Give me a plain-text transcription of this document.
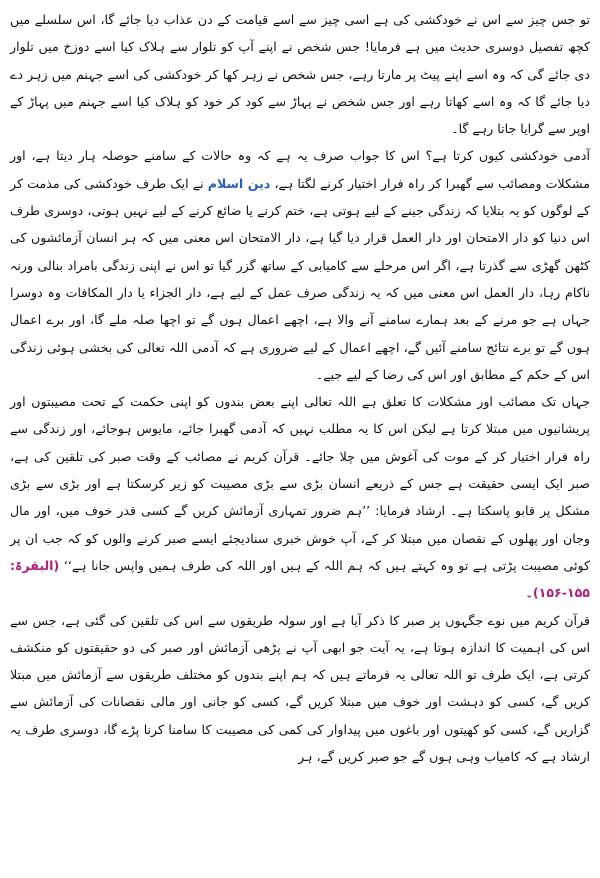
تو جس چیز سے اس نے خودکشی کی ہے اسی چیز سے اسے قیامت کے دن عذاب دیا جائے گا، اس سلسلے میں کچھ تفصیل دوسری حدیث میں ہے فرمایا! جس شخص نے اپنے آپ کو تلوار سے ہلاک کیا اسے دوزخ میں تلوار دی جائے گی کہ وہ اسے اپنے پیٹ پر مارتا رہے، جس شخص نے زہر کھا کر خودکشی کی اسے جہنم میں زہر دے دیا جائے گا کہ وہ اسے کھاتا رہے اور جس شخص نے پہاڑ سے کود کر خود کو ہلاک کیا اسے جہنم میں پہاڑ کے اوپر سے گرایا جاتا رہے گا۔

آدمی خودکشی کیوں کرتا ہے؟ اس کا جواب صرف یہ ہے کہ وہ حالات کے سامنے حوصلہ ہار دیتا ہے، اور مشکلات ومصائب سے گھبرا کر راہ فرار اختیار کرنے لگتا ہے، دین اسلام نے ایک طرف خودکشی کی مذمت کر کے لوگوں کو یہ بتلایا کہ زندگی جینے کے لیے ہوتی ہے، ختم کرنے یا ضائع کرنے کے لیے نہیں ہوتی، دوسری طرف اس دنیا کو دار الامتحان اور دار العمل قرار دیا گیا ہے، دار الامتحان اس معنی میں کہ ہر انسان آزمائشوں کی کٹھن گھڑی سے گذرتا ہے، اگر اس مرحلے سے کامیابی کے ساتھ گزر گیا تو اس نے اپنی زندگی بامراد بنالی ورنہ ناکام رہا، دار العمل اس معنی میں کہ یہ زندگی صرف عمل کے لیے ہے، دار الجزاء یا دار المکافات وہ دوسرا جہاں ہے جو مرنے کے بعد ہمارے سامنے آنے والا ہے، اچھے اعمال ہوں گے تو اچھا صلہ ملے گا، اور برے اعمال ہوں گے تو برے نتائج سامنے آئیں گے، اچھے اعمال کے لیے ضروری ہے کہ آدمی اللہ تعالی کی بخشی ہوئی زندگی اس کے حکم کے مطابق اور اس کی رضا کے لیے جیے۔

جہاں تک مصائب اور مشکلات کا تعلق ہے اللہ تعالی اپنے بعض بندوں کو اپنی حکمت کے تحت مصیبتوں اور پریشانیوں میں مبتلا کرتا ہے لیکن اس کا یہ مطلب نہیں کہ آدمی گھبرا جائے، مایوس ہوجائے، اور زندگی سے راہ فرار اختیار کر کے موت کی آغوش میں چلا جائے۔ قرآن کریم نے مصائب کے وقت صبر کی تلقین کی ہے، صبر ایک ایسی حقیقت ہے جس کے ذریعے انسان بڑی سے بڑی مصیبت کو زیر کرسکتا ہے اور بڑی سے بڑی مشکل پر قابو پاسکتا ہے۔ ارشاد فرمایا: ’’ہم ضرور تمہاری آزمائش کریں گے کسی قدر خوف میں، اور مال وجان اور پھلوں کے نقصان میں مبتلا کر کے، آپ خوش خبری سنادیجئے ایسے صبر کرنے والوں کو کہ جب ان پر کوئی مصیبت پڑتی ہے تو وہ کہتے ہیں کہ ہم اللہ کے ہیں اور اللہ کی طرف ہمیں واپس جانا ہے‘‘ (البقرۃ: ۱۵۵-۱۵۶)۔

قرآن کریم میں نوے جگہوں پر صبر کا ذکر آیا ہے اور سولہ طریقوں سے اس کی تلقین کی گئی ہے، جس سے اس کی اہمیت کا اندازہ ہوتا ہے، یہ آیت جو ابھی آپ نے پڑھی آزمائش اور صبر کی دو حقیقتوں کو منکشف کرتی ہے، ایک طرف تو اللہ تعالی یہ فرماتے ہیں کہ ہم اپنے بندوں کو مختلف طریقوں سے آزمائش میں مبتلا کریں گے، کسی کو دہشت اور خوف میں مبتلا کریں گے، کسی کو جانی اور مالی نقصانات کی آزمائش سے گزاریں گے، کسی کو کھیتوں اور باغوں میں پیداوار کی کمی کی مصیبت کا سامنا کرنا پڑے گا، دوسری طرف یہ ارشاد ہے کہ کامیاب وہی ہوں گے جو صبر کریں گے، ہر
